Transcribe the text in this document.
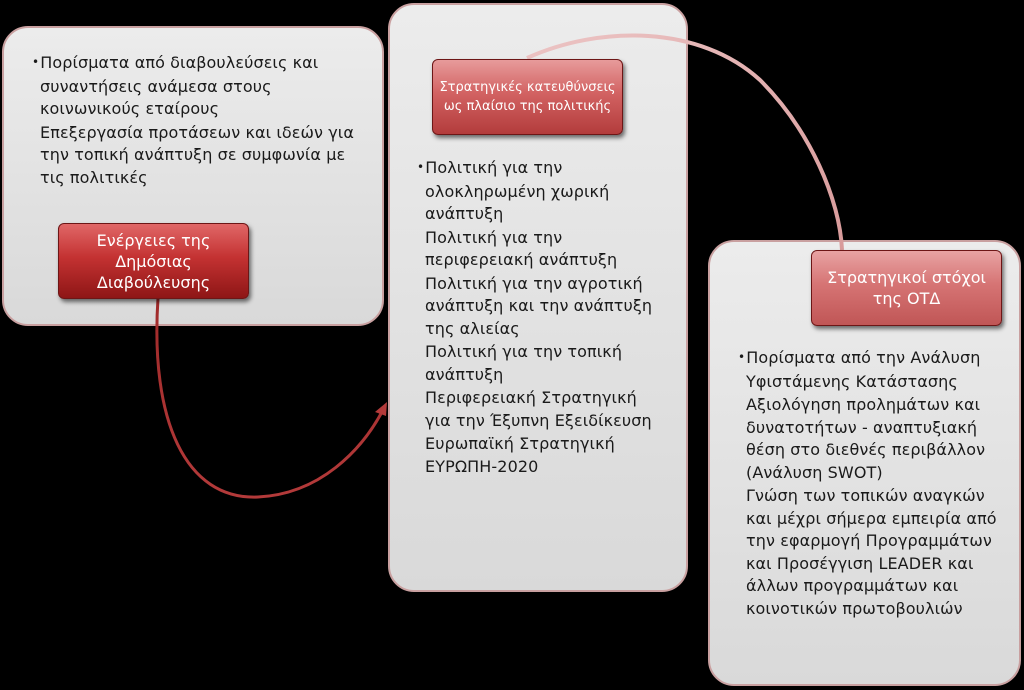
•Πορίσματα από διαβουλεύσεις και συναντήσεις ανάμεσα στους κοινωνικούς εταίρους

Επεξεργασία προτάσεων και ιδεών για την τοπική ανάπτυξη σε συμφωνία με τις πολιτικές

•Πολιτική για την ολοκληρωμένη χωρική ανάπτυξη

Πολιτική για την περιφερειακή ανάπτυξη

Πολιτική για την αγροτική ανάπτυξη και την ανάπτυξη της αλιείας

Πολιτική για την τοπική ανάπτυξη

Περιφερειακή Στρατηγική για την Έξυπνη Εξειδίκευση

Ευρωπαϊκή Στρατηγική ΕΥΡΩΠΗ-2020

•Πορίσματα από την Ανάλυση Υφιστάμενης Κατάστασης

Αξιολόγηση προλημάτων και δυνατοτήτων - αναπτυξιακή θέση στο διεθνές περιβάλλον (Ανάλυση SWOT)

Γνώση των τοπικών αναγκών και μέχρι σήμερα εμπειρία από την εφαρμογή Προγραμμάτων και Προσέγγιση LEADER και άλλων προγραμμάτων και κοινοτικών πρωτοβουλιών

Ενέργειες της Δημόσιας Διαβούλευσης
Στρατηγικές κατευθύνσεις ως πλαίσιο της πολιτικής
Στρατηγικοί στόχοι της ΟΤΔ
